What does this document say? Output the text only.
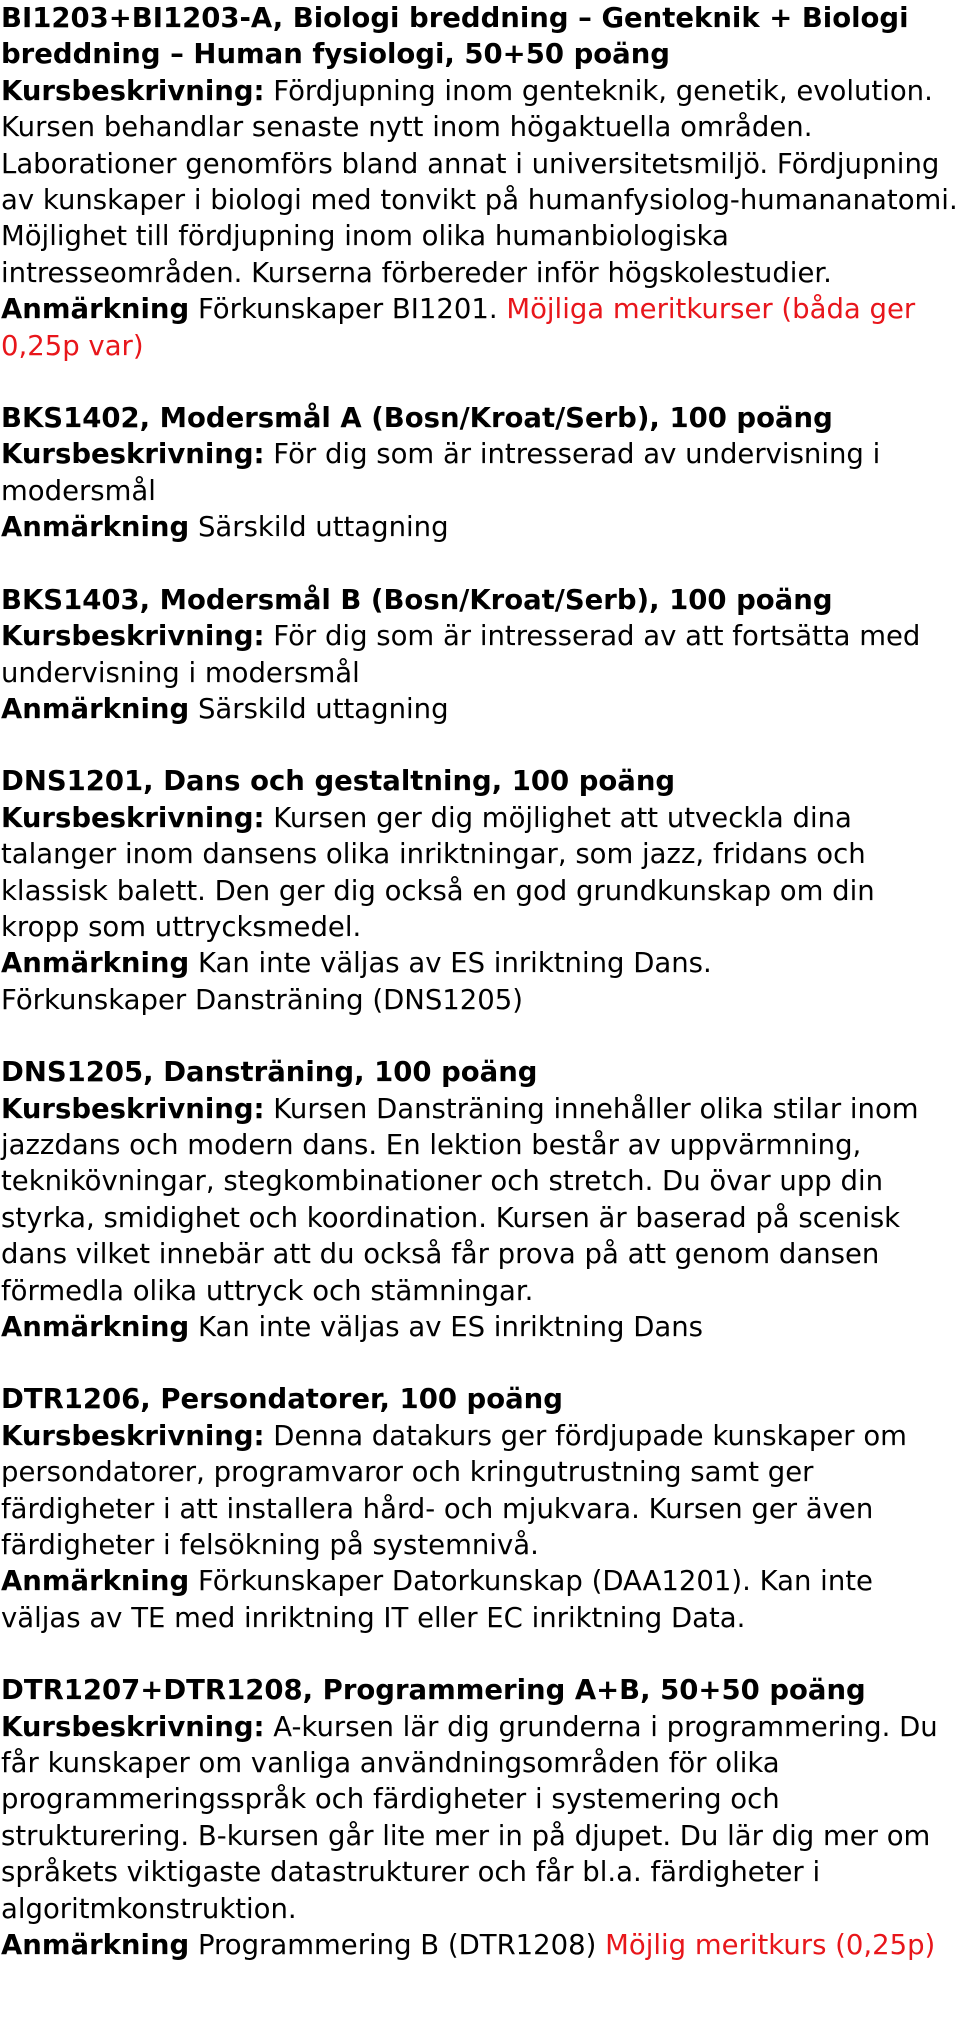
BI1203+BI1203-A, Biologi breddning – Genteknik + Biologi breddning – Human fysiologi, 50+50 poäng

Kursbeskrivning: Fördjupning inom genteknik, genetik, evolution. Kursen behandlar senaste nytt inom högaktuella områden. Laborationer genomförs bland annat i universitetsmiljö. Fördjupning av kunskaper i biologi med tonvikt på humanfysiolog-humananatomi. Möjlighet till fördjupning inom olika humanbiologiska intresseområden. Kurserna förbereder inför högskolestudier.

Anmärkning Förkunskaper BI1201. Möjliga meritkurser (båda ger 0,25p var)

BKS1402, Modersmål A (Bosn/Kroat/Serb), 100 poäng

Kursbeskrivning: För dig som är intresserad av undervisning i modersmål

Anmärkning Särskild uttagning

BKS1403, Modersmål B (Bosn/Kroat/Serb), 100 poäng

Kursbeskrivning: För dig som är intresserad av att fortsätta med undervisning i modersmål

Anmärkning Särskild uttagning

DNS1201, Dans och gestaltning, 100 poäng

Kursbeskrivning: Kursen ger dig möjlighet att utveckla dina talanger inom dansens olika inriktningar, som jazz, fridans och klassisk balett. Den ger dig också en god grundkunskap om din kropp som uttrycksmedel.

Anmärkning Kan inte väljas av ES inriktning Dans.

Förkunskaper Dansträning (DNS1205)

DNS1205, Dansträning, 100 poäng

Kursbeskrivning: Kursen Dansträning innehåller olika stilar inom jazzdans och modern dans. En lektion består av uppvärmning, teknikövningar, stegkombinationer och stretch. Du övar upp din styrka, smidighet och koordination. Kursen är baserad på scenisk dans vilket innebär att du också får prova på att genom dansen förmedla olika uttryck och stämningar.

Anmärkning Kan inte väljas av ES inriktning Dans

DTR1206, Persondatorer, 100 poäng

Kursbeskrivning: Denna datakurs ger fördjupade kunskaper om persondatorer, programvaror och kringutrustning samt ger färdigheter i att installera hård- och mjukvara. Kursen ger även färdigheter i felsökning på systemnivå.

Anmärkning Förkunskaper Datorkunskap (DAA1201). Kan inte väljas av TE med inriktning IT eller EC inriktning Data.

DTR1207+DTR1208, Programmering A+B, 50+50 poäng

Kursbeskrivning: A-kursen lär dig grunderna i programmering. Du får kunskaper om vanliga användningsområden för olika programmeringsspråk och färdigheter i systemering och strukturering. B-kursen går lite mer in på djupet. Du lär dig mer om språkets viktigaste datastrukturer och får bl.a. färdigheter i algoritmkonstruktion.

Anmärkning Programmering B (DTR1208) Möjlig meritkurs (0,25p)
